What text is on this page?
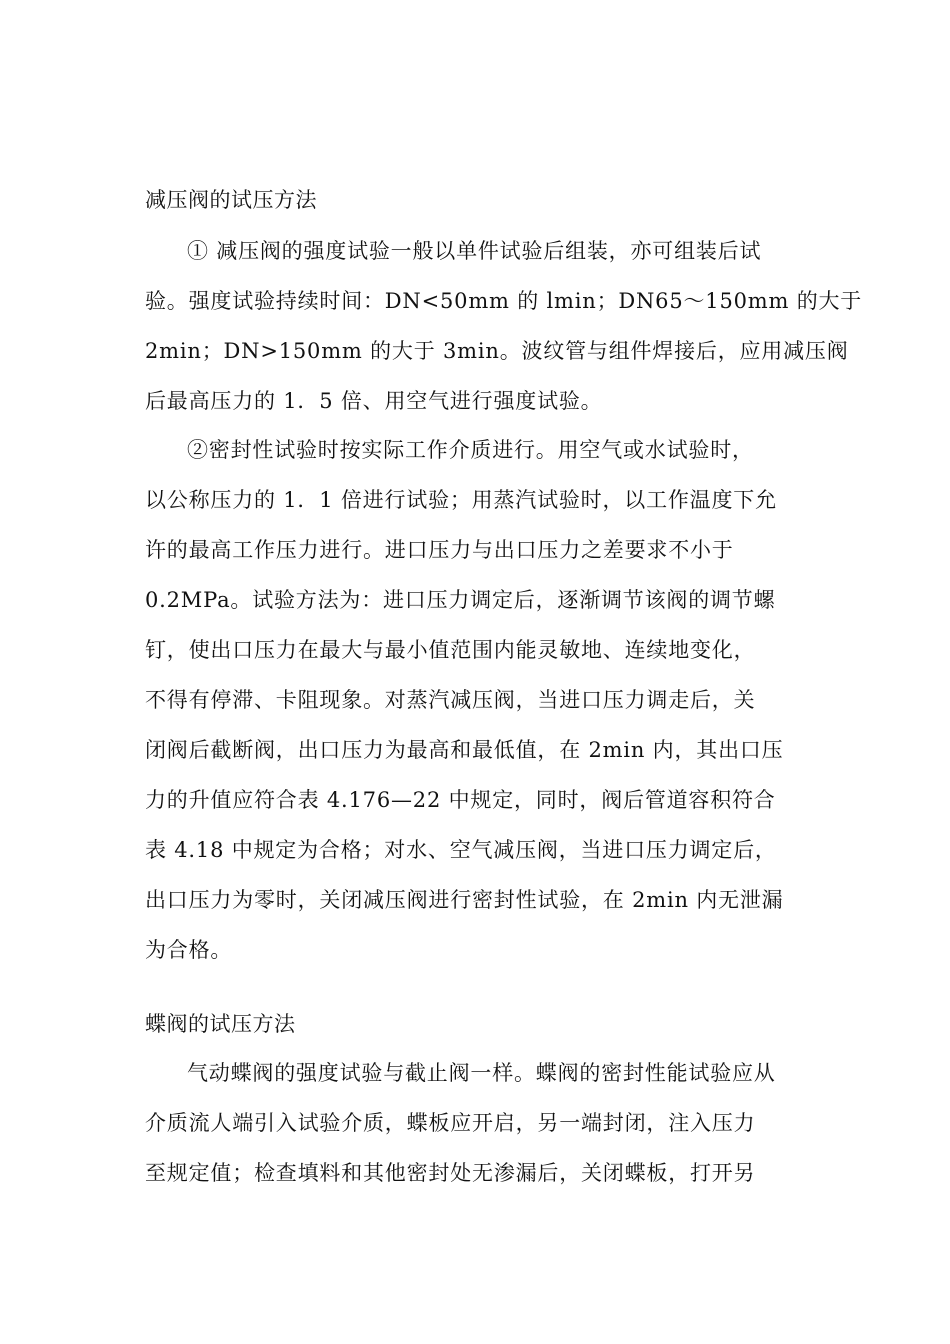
减压阀的试压方法
① 减压阀的强度试验一般以单件试验后组装，亦可组装后试
验。强度试验持续时间：DN<50mm 的 lmin；DN65～150mm 的大于
2min；DN>150mm 的大于 3min。波纹管与组件焊接后，应用减压阀
后最高压力的 1．5 倍、用空气进行强度试验。
②密封性试验时按实际工作介质进行。用空气或水试验时，
以公称压力的 1．1 倍进行试验；用蒸汽试验时，以工作温度下允
许的最高工作压力进行。进口压力与出口压力之差要求不小于
0.2MPa。试验方法为：进口压力调定后，逐渐调节该阀的调节螺
钉，使出口压力在最大与最小值范围内能灵敏地、连续地变化，
不得有停滞、卡阻现象。对蒸汽减压阀，当进口压力调走后，关
闭阀后截断阀，出口压力为最高和最低值，在 2min 内，其出口压
力的升值应符合表 4.176—22 中规定，同时，阀后管道容积符合
表 4.18 中规定为合格；对水、空气减压阀，当进口压力调定后，
出口压力为零时，关闭减压阀进行密封性试验，在 2min 内无泄漏
为合格。
蝶阀的试压方法
气动蝶阀的强度试验与截止阀一样。蝶阀的密封性能试验应从
介质流人端引入试验介质，蝶板应开启，另一端封闭，注入压力
至规定值；检查填料和其他密封处无渗漏后，关闭蝶板，打开另
